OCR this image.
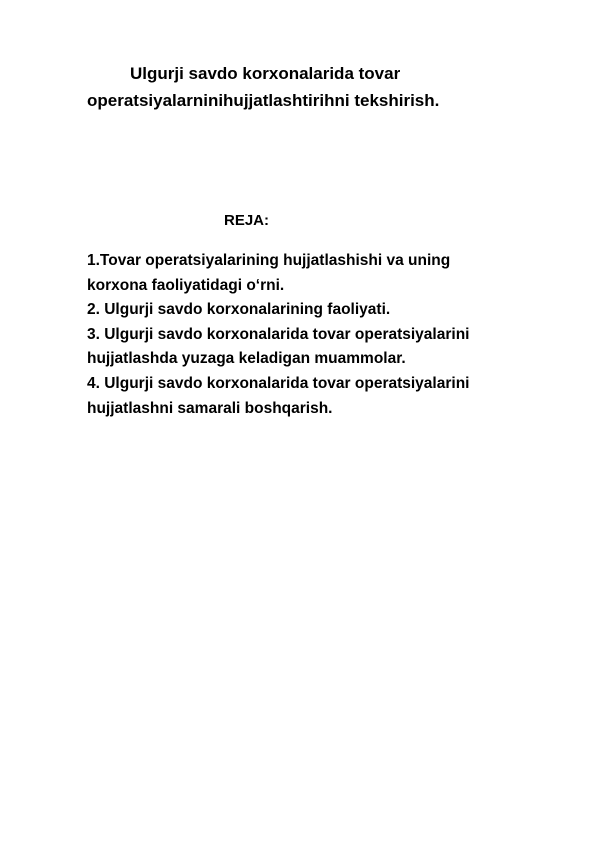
Ulgurji savdo korxonalarida tovar
operatsiyalarninihujjatlashtirihni tekshirish.
REJA:
1.Tovar operatsiyalarining hujjatlashishi va uning
korxona faoliyatidagi o‘rni.
2. Ulgurji savdo korxonalarining faoliyati.
3. Ulgurji savdo korxonalarida tovar operatsiyalarini
hujjatlashda yuzaga keladigan muammolar.
4. Ulgurji savdo korxonalarida tovar operatsiyalarini
hujjatlashni samarali boshqarish.
